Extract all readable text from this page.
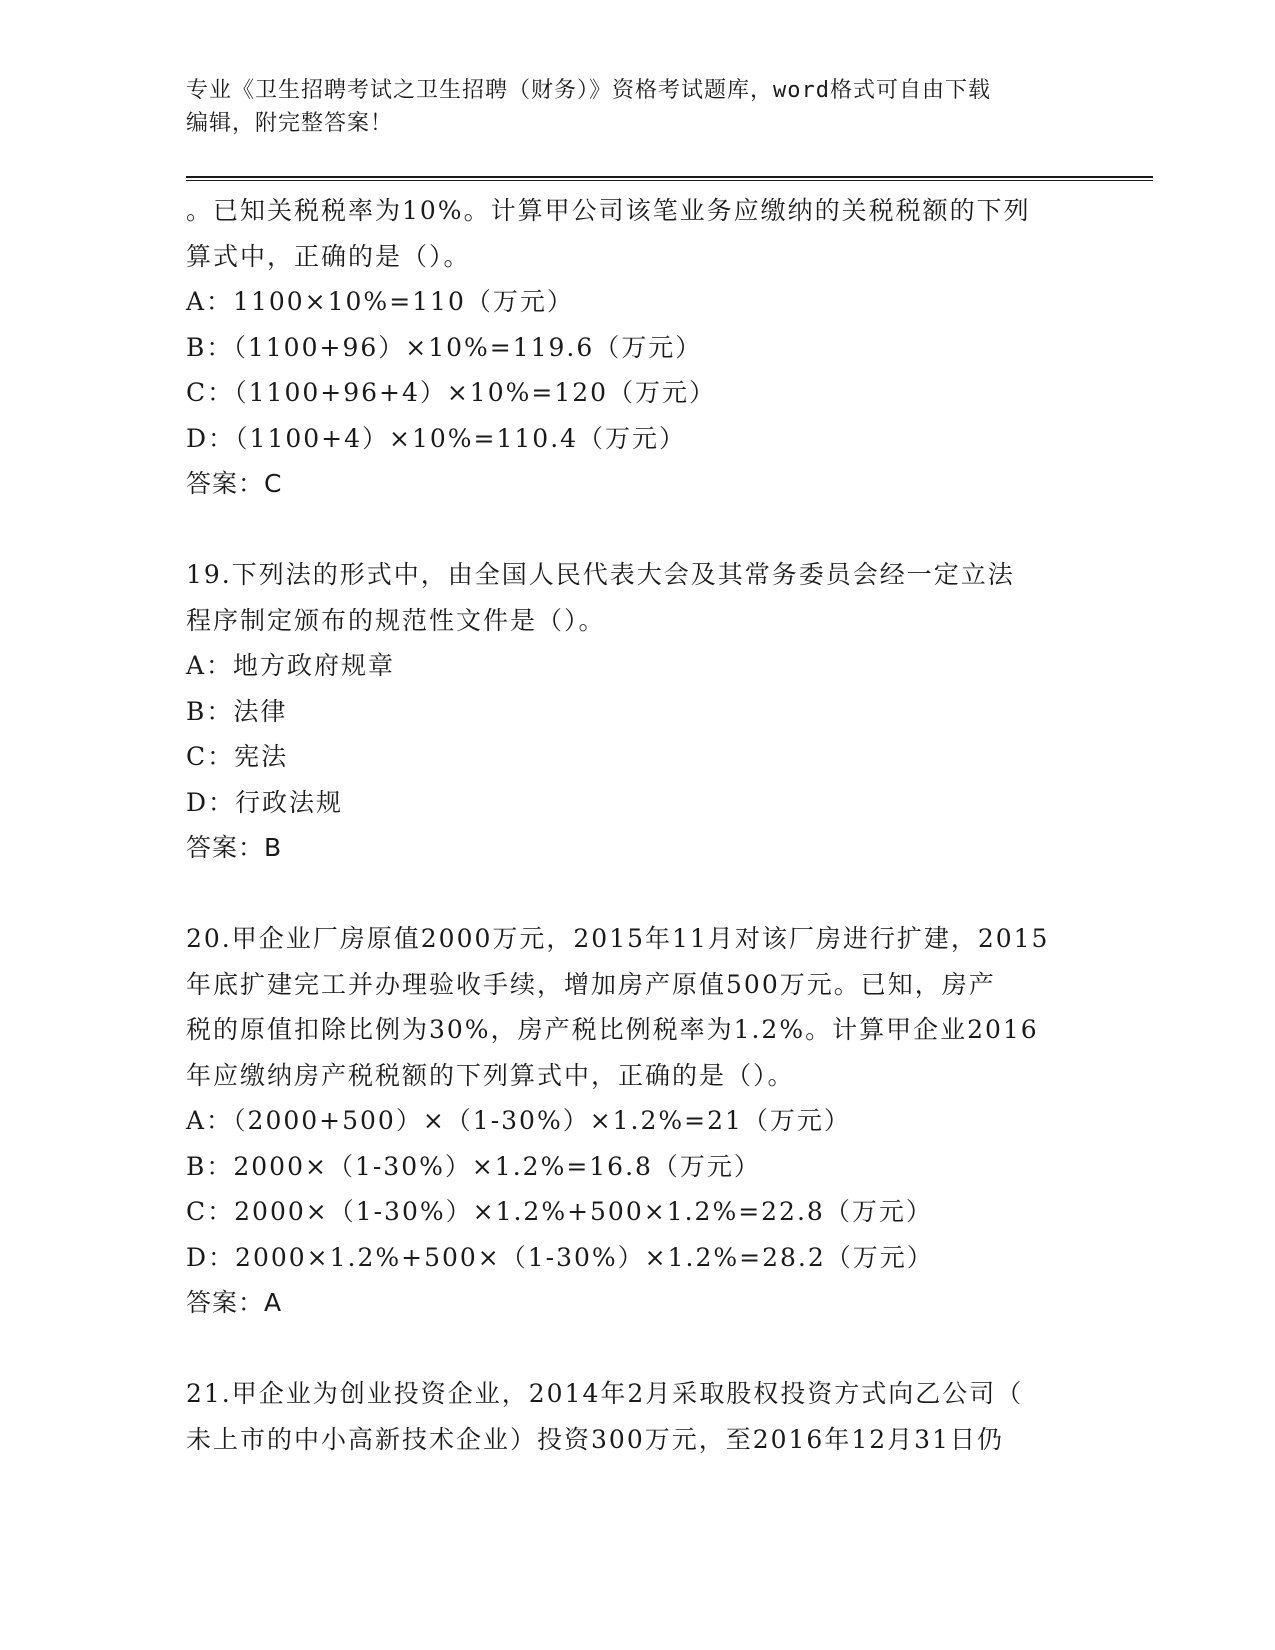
专业《卫生招聘考试之卫生招聘（财务）》资格考试题库，word格式可自由下载
编辑，附完整答案！
。已知关税税率为10%。计算甲公司该笔业务应缴纳的关税税额的下列
算式中，正确的是（）。
A：1100×10%=110（万元）
B：（1100+96）×10%=119.6（万元）
C：（1100+96+4）×10%=120（万元）
D：（1100+4）×10%=110.4（万元）
答案：C
19.下列法的形式中，由全国人民代表大会及其常务委员会经一定立法
程序制定颁布的规范性文件是（）。
A：地方政府规章
B：法律
C：宪法
D：行政法规
答案：B
20.甲企业厂房原值2000万元，2015年11月对该厂房进行扩建，2015
年底扩建完工并办理验收手续，增加房产原值500万元。已知，房产
税的原值扣除比例为30%，房产税比例税率为1.2%。计算甲企业2016
年应缴纳房产税税额的下列算式中，正确的是（）。
A：（2000+500）×（1-30%）×1.2%=21（万元）
B：2000×（1-30%）×1.2%=16.8（万元）
C：2000×（1-30%）×1.2%+500×1.2%=22.8（万元）
D：2000×1.2%+500×（1-30%）×1.2%=28.2（万元）
答案：A
21.甲企业为创业投资企业，2014年2月采取股权投资方式向乙公司（
未上市的中小高新技术企业）投资300万元，至2016年12月31日仍
